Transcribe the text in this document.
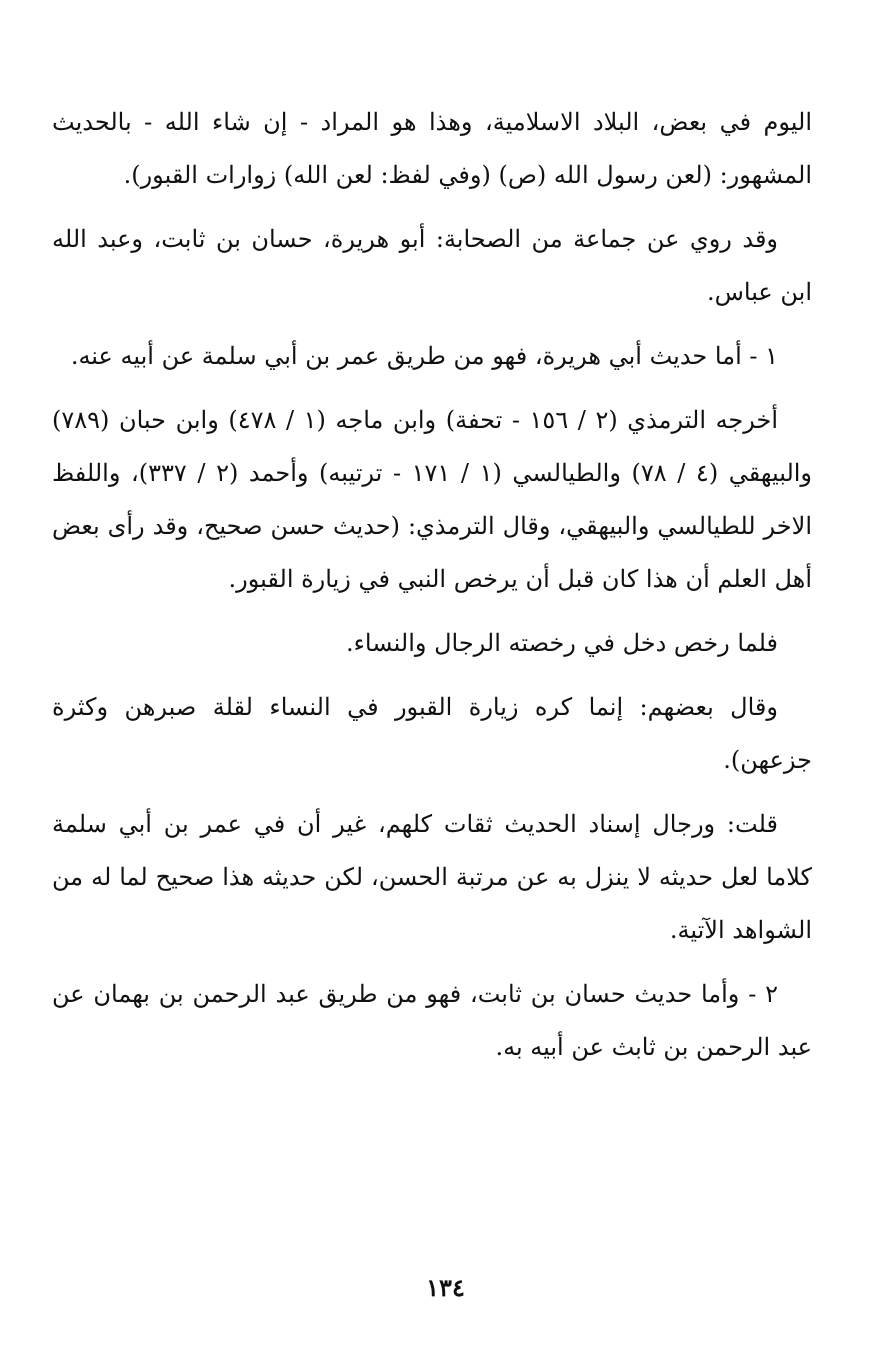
اليوم في بعض، البلاد الاسلامية، وهذا هو المراد - إن شاء الله - بالحديث المشهور: (لعن رسول الله (ص) (وفي لفظ: لعن الله) زوارات القبور).

وقد روي عن جماعة من الصحابة: أبو هريرة، حسان بن ثابت، وعبد الله ابن عباس.

١ - أما حديث أبي هريرة، فهو من طريق عمر بن أبي سلمة عن أبيه عنه.

أخرجه الترمذي (٢ / ١٥٦ - تحفة) وابن ماجه (١ / ٤٧٨) وابن حبان (٧٨٩) والبيهقي (٤ / ٧٨) والطيالسي (١ / ١٧١ - ترتيبه) وأحمد (٢ / ٣٣٧)، واللفظ الاخر للطيالسي والبيهقي، وقال الترمذي: (حديث حسن صحيح، وقد رأى بعض أهل العلم أن هذا كان قبل أن يرخص النبي في زيارة القبور.

فلما رخص دخل في رخصته الرجال والنساء.

وقال بعضهم: إنما كره زيارة القبور في النساء لقلة صبرهن وكثرة جزعهن).

قلت: ورجال إسناد الحديث ثقات كلهم، غير أن في عمر بن أبي سلمة كلاما لعل حديثه لا ينزل به عن مرتبة الحسن، لكن حديثه هذا صحيح لما له من الشواهد الآتية.

٢ - وأما حديث حسان بن ثابت، فهو من طريق عبد الرحمن بن بهمان عن عبد الرحمن بن ثابث عن أبيه به.

١٣٤
